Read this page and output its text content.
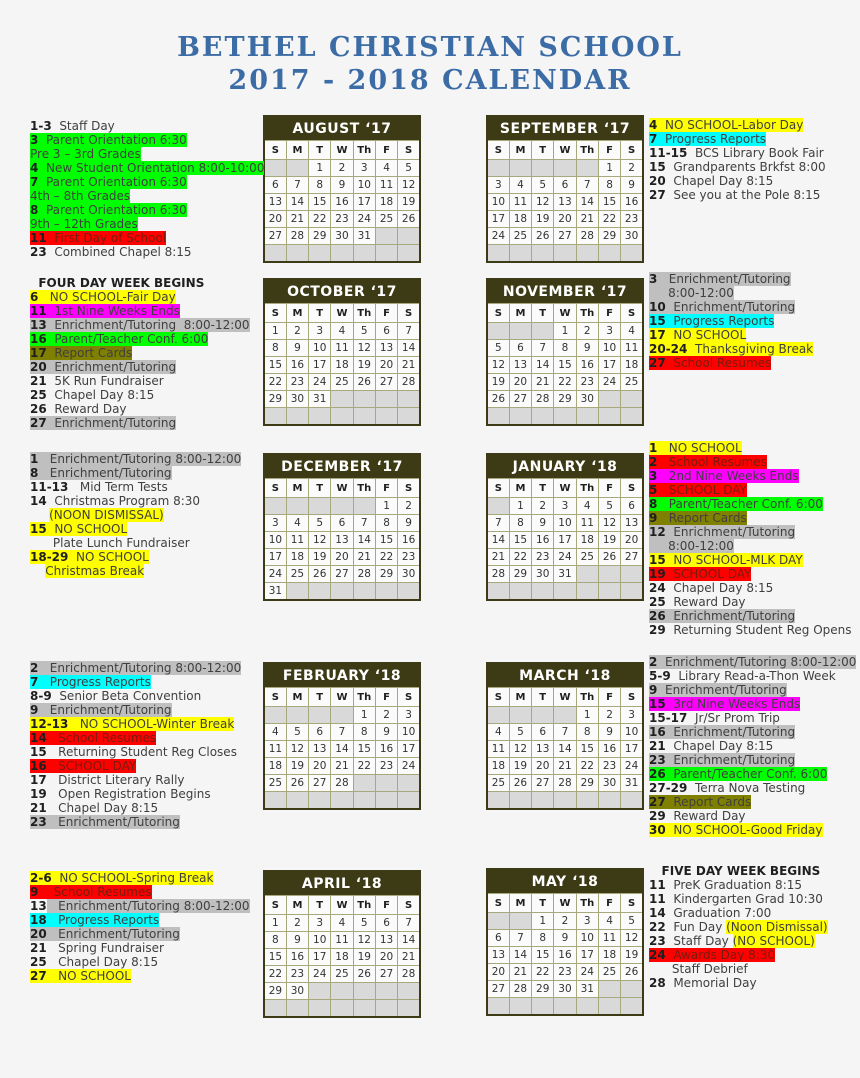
BETHEL CHRISTIAN SCHOOL
2017 - 2018 CALENDAR
AUGUST ‘17						
S	M	T	W	Th	F	S
		1	2	3	4	5
6	7	8	9	10	11	12
13	14	15	16	17	18	19
20	21	22	23	24	25	26
27	28	29	30	31		

SEPTEMBER ‘17						
S	M	T	W	Th	F	S
					1	2
3	4	5	6	7	8	9
10	11	12	13	14	15	16
17	18	19	20	21	22	23
24	25	26	27	28	29	30

OCTOBER ‘17						
S	M	T	W	Th	F	S
1	2	3	4	5	6	7
8	9	10	11	12	13	14
15	16	17	18	19	20	21
22	23	24	25	26	27	28
29	30	31				

NOVEMBER ‘17						
S	M	T	W	Th	F	S
			1	2	3	4
5	6	7	8	9	10	11
12	13	14	15	16	17	18
19	20	21	22	23	24	25
26	27	28	29	30		

DECEMBER ‘17						
S	M	T	W	Th	F	S
					1	2
3	4	5	6	7	8	9
10	11	12	13	14	15	16
17	18	19	20	21	22	23
24	25	26	27	28	29	30
31						
JANUARY ‘18						
S	M	T	W	Th	F	S
	1	2	3	4	5	6
7	8	9	10	11	12	13
14	15	16	17	18	19	20
21	22	23	24	25	26	27
28	29	30	31			

FEBRUARY ‘18						
S	M	T	W	Th	F	S
				1	2	3
4	5	6	7	8	9	10
11	12	13	14	15	16	17
18	19	20	21	22	23	24
25	26	27	28			

MARCH ‘18						
S	M	T	W	Th	F	S
				1	2	3
4	5	6	7	8	9	10
11	12	13	14	15	16	17
18	19	20	21	22	23	24
25	26	27	28	29	30	31

APRIL ‘18						
S	M	T	W	Th	F	S
1	2	3	4	5	6	7
8	9	10	11	12	13	14
15	16	17	18	19	20	21
22	23	24	25	26	27	28
29	30					

MAY ‘18						
S	M	T	W	Th	F	S
		1	2	3	4	5
6	7	8	9	10	11	12
13	14	15	16	17	18	19
20	21	22	23	24	25	26
27	28	29	30	31		

1-3  Staff Day
3  Parent Orientation 6:30
Pre 3 – 3rd Grades
4  New Student Orientation 8:00-10:00
7  Parent Orientation 6:30
4th – 8th Grades
8  Parent Orientation 6:30
9th – 12th Grades
11  First Day of School
23  Combined Chapel 8:15
4  NO SCHOOL-Labor Day
7  Progress Reports
11-15  BCS Library Book Fair
15  Grandparents Brkfst 8:00
20  Chapel Day 8:15
27  See you at the Pole 8:15
FOUR DAY WEEK BEGINS
6   NO SCHOOL-Fair Day
11  1st Nine Weeks Ends
13  Enrichment/Tutoring  8:00-12:00
16  Parent/Teacher Conf. 6:00
17  Report Cards
20  Enrichment/Tutoring
21  5K Run Fundraiser
25  Chapel Day 8:15
26  Reward Day
27  Enrichment/Tutoring
3   Enrichment/Tutoring
8:00-12:00
10  Enrichment/Tutoring
15  Progress Reports
17  NO SCHOOL
20-24  Thanksgiving Break
27  School Resumes
1   Enrichment/Tutoring 8:00-12:00
8   Enrichment/Tutoring
11-13   Mid Term Tests
14  Christmas Program 8:30
(NOON DISMISSAL)
15  NO SCHOOL
Plate Lunch Fundraiser
18-29  NO SCHOOL
Christmas Break
1   NO SCHOOL
2   School Resumes
3   2nd Nine Weeks Ends
5   SCHOOL DAY
8   Parent/Teacher Conf. 6:00
9   Report Cards
12  Enrichment/Tutoring
8:00-12:00
15  NO SCHOOL-MLK DAY
19  SCHOOL DAY
24  Chapel Day 8:15
25  Reward Day
26  Enrichment/Tutoring
29  Returning Student Reg Opens
2   Enrichment/Tutoring 8:00-12:00
7   Progress Reports
8-9  Senior Beta Convention
9   Enrichment/Tutoring
12-13   NO SCHOOL-Winter Break
14   School Resumes
15   Returning Student Reg Closes
16   SCHOOL DAY
17   District Literary Rally
19   Open Registration Begins
21   Chapel Day 8:15
23   Enrichment/Tutoring
2  Enrichment/Tutoring 8:00-12:00
5-9  Library Read-a-Thon Week
9  Enrichment/Tutoring
15  3rd Nine Weeks Ends
15-17  Jr/Sr Prom Trip
16  Enrichment/Tutoring
21  Chapel Day 8:15
23  Enrichment/Tutoring
26  Parent/Teacher Conf. 6:00
27-29  Terra Nova Testing
27  Report Cards
29  Reward Day
30  NO SCHOOL-Good Friday
2-6  NO SCHOOL-Spring Break
9    School Resumes
13   Enrichment/Tutoring 8:00-12:00
18   Progress Reports
20   Enrichment/Tutoring
21   Spring Fundraiser
25   Chapel Day 8:15
27   NO SCHOOL
FIVE DAY WEEK BEGINS
11  PreK Graduation 8:15
11  Kindergarten Grad 10:30
14  Graduation 7:00
22  Fun Day (Noon Dismissal)
23  Staff Day (NO SCHOOL)
24  Awards Day 8:30
Staff Debrief
28  Memorial Day
